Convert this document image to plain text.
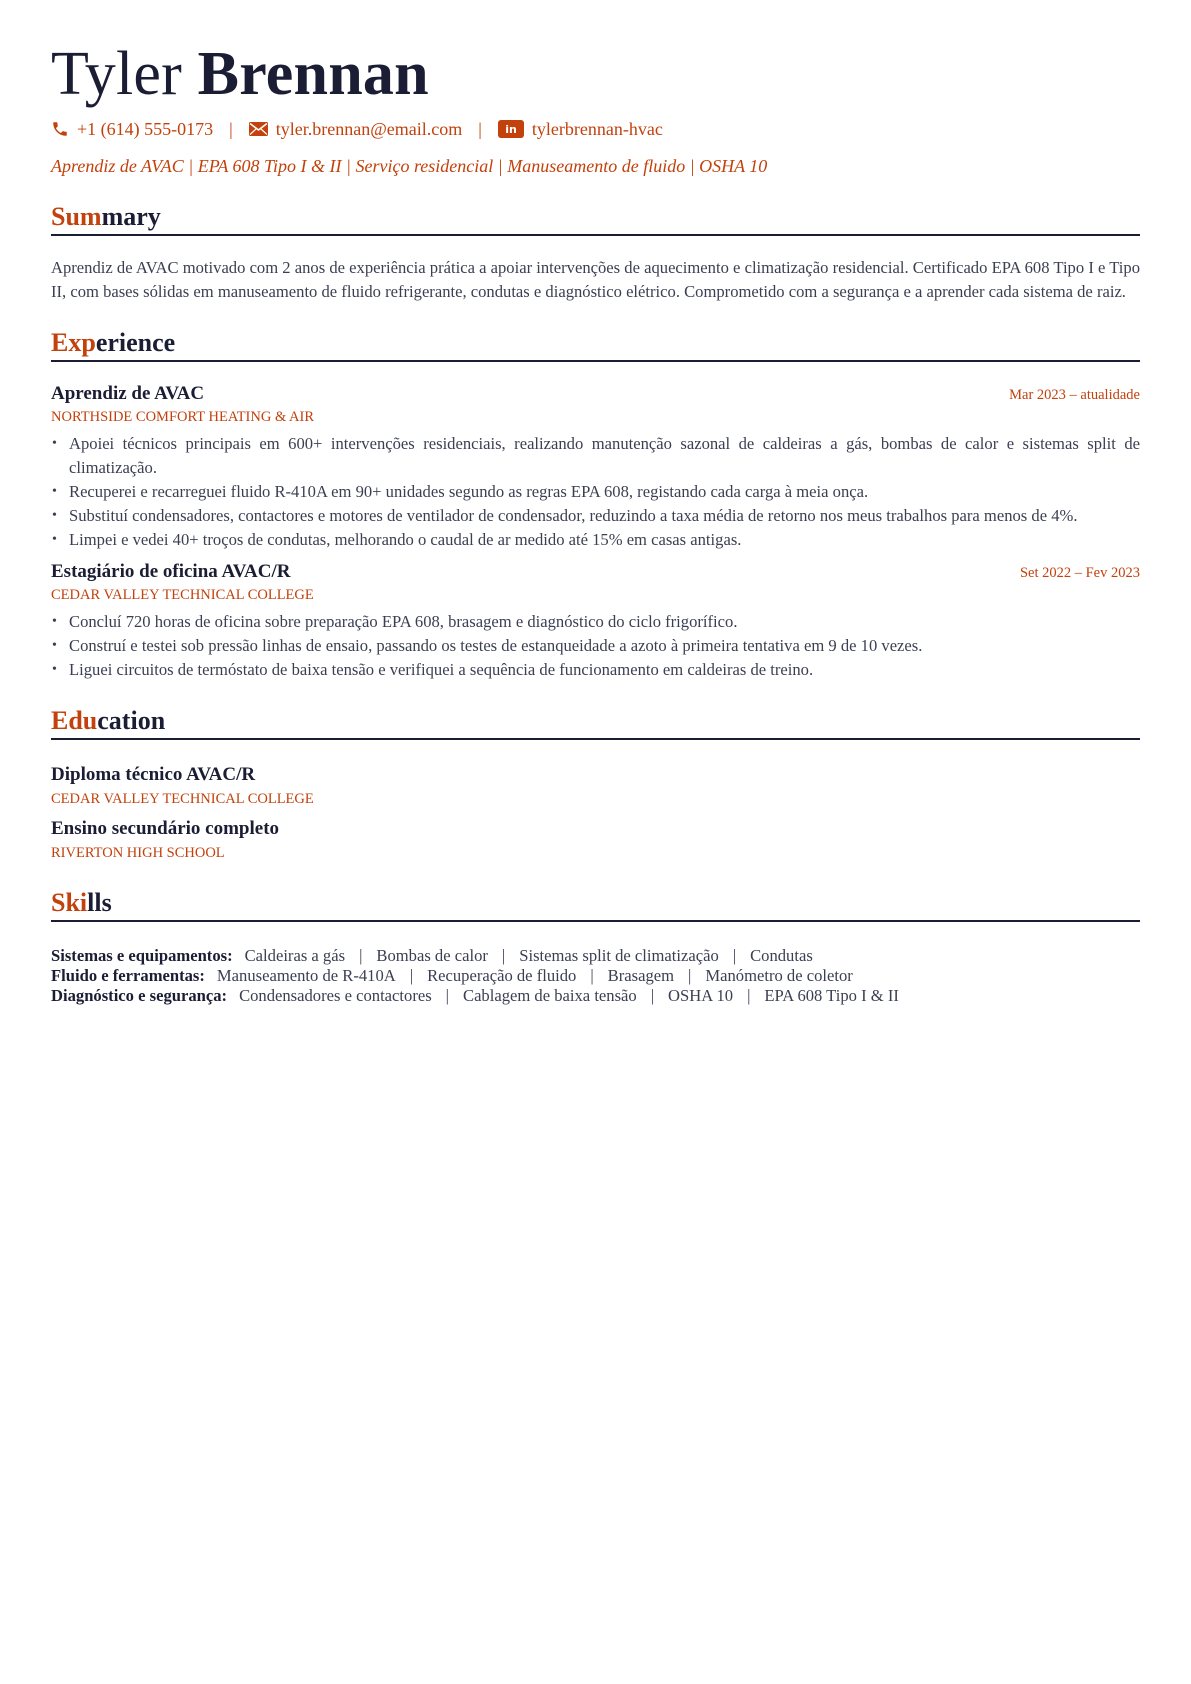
Tyler Brennan
+1 (614) 555-0173 | tyler.brennan@email.com | in tylerbrennan-hvac
Aprendiz de AVAC | EPA 608 Tipo I & II | Serviço residencial | Manuseamento de fluido | OSHA 10
Summary
Aprendiz de AVAC motivado com 2 anos de experiência prática a apoiar intervenções de aquecimento e climatização residencial. Certificado EPA 608 Tipo I e Tipo II, com bases sólidas em manuseamento de fluido refrigerante, condutas e diagnóstico elétrico. Comprometido com a segurança e a aprender cada sistema de raiz.
Experience
Aprendiz de AVAC	Mar 2023 – atualidade
NORTHSIDE COMFORT HEATING & AIR
• Apoiei técnicos principais em 600+ intervenções residenciais, realizando manutenção sazonal de caldeiras a gás, bombas de calor e sistemas split de climatização.
• Recuperei e recarreguei fluido R-410A em 90+ unidades segundo as regras EPA 608, registando cada carga à meia onça.
• Substituí condensadores, contactores e motores de ventilador de condensador, reduzindo a taxa média de retorno nos meus trabalhos para menos de 4%.
• Limpei e vedei 40+ troços de condutas, melhorando o caudal de ar medido até 15% em casas antigas.
Estagiário de oficina AVAC/R	Set 2022 – Fev 2023
CEDAR VALLEY TECHNICAL COLLEGE
• Concluí 720 horas de oficina sobre preparação EPA 608, brasagem e diagnóstico do ciclo frigorífico.
• Construí e testei sob pressão linhas de ensaio, passando os testes de estanqueidade a azoto à primeira tentativa em 9 de 10 vezes.
• Liguei circuitos de termóstato de baixa tensão e verifiquei a sequência de funcionamento em caldeiras de treino.
Education
Diploma técnico AVAC/R
CEDAR VALLEY TECHNICAL COLLEGE
Ensino secundário completo
RIVERTON HIGH SCHOOL
Skills
Sistemas e equipamentos: Caldeiras a gás | Bombas de calor | Sistemas split de climatização | Condutas
Fluido e ferramentas: Manuseamento de R-410A | Recuperação de fluido | Brasagem | Manómetro de coletor
Diagnóstico e segurança: Condensadores e contactores | Cablagem de baixa tensão | OSHA 10 | EPA 608 Tipo I & II
